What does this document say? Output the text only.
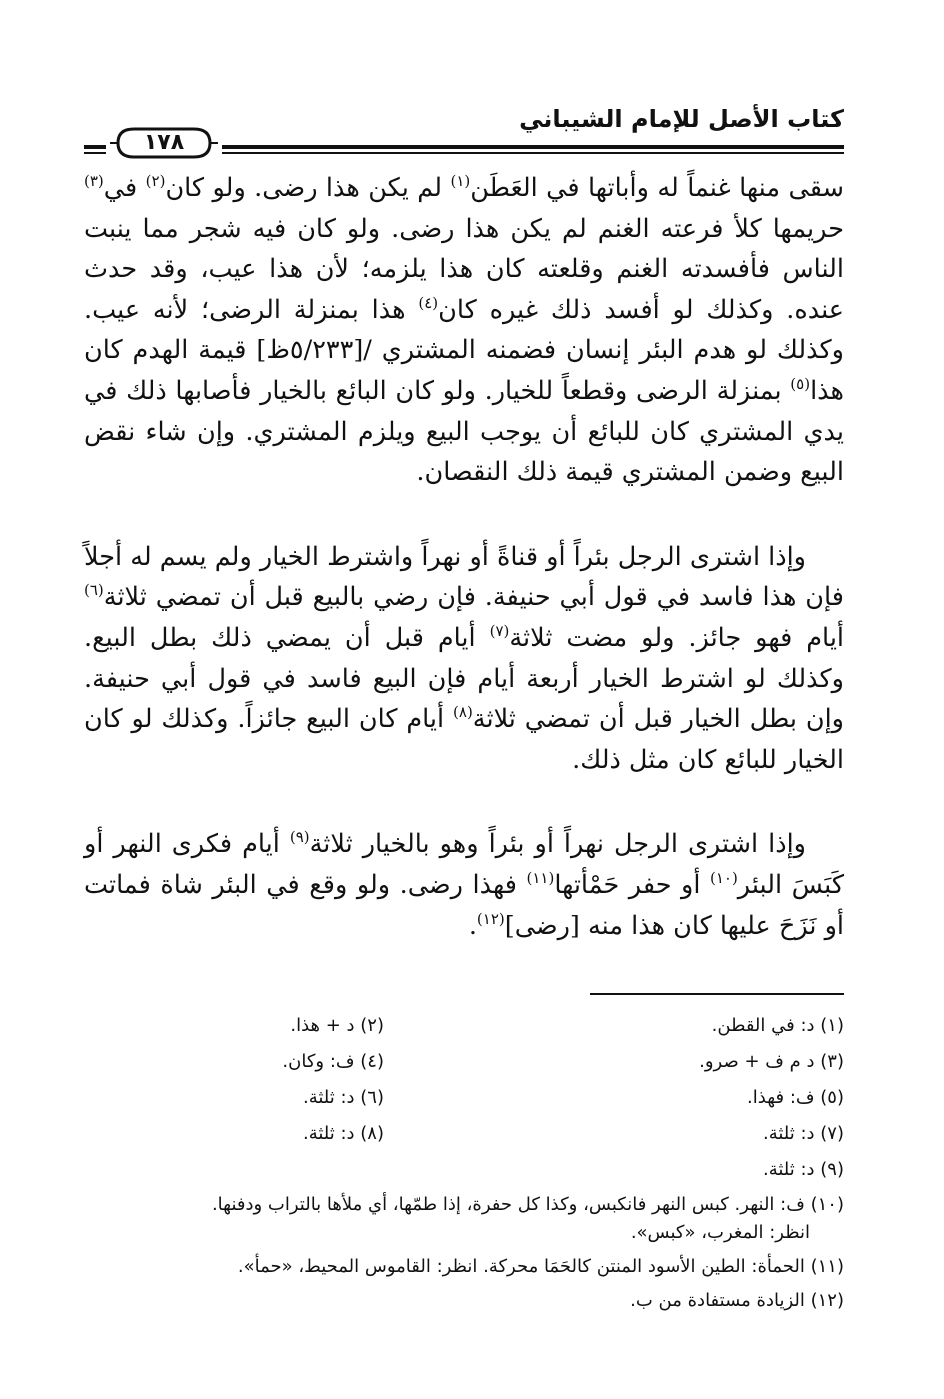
كتاب الأصل للإمام الشيباني
١٧٨

سقى منها غنماً له وأباتها في العَطَن$^{(١)}$ لم يكن هذا رضى. ولو كان$^{(٢)}$ في$^{(٣)}$ حريمها كلأ فرعته الغنم لم يكن هذا رضى. ولو كان فيه شجر مما ينبت الناس فأفسدته الغنم وقلعته كان هذا يلزمه؛ لأن هذا عيب، وقد حدث عنده. وكذلك لو أفسد ذلك غيره كان$^{(٤)}$ هذا بمنزلة الرضى؛ لأنه عيب. وكذلك لو هدم البئر إنسان فضمنه المشتري /[٥/٢٣٣ظ] قيمة الهدم كان هذا$^{(٥)}$ بمنزلة الرضى وقطعاً للخيار. ولو كان البائع بالخيار فأصابها ذلك في يدي المشتري كان للبائع أن يوجب البيع ويلزم المشتري. وإن شاء نقض البيع وضمن المشتري قيمة ذلك النقصان.

وإذا اشترى الرجل بئراً أو قناةً أو نهراً واشترط الخيار ولم يسم له أجلاً فإن هذا فاسد في قول أبي حنيفة. فإن رضي بالبيع قبل أن تمضي ثلاثة$^{(٦)}$ أيام فهو جائز. ولو مضت ثلاثة$^{(٧)}$ أيام قبل أن يمضي ذلك بطل البيع. وكذلك لو اشترط الخيار أربعة أيام فإن البيع فاسد في قول أبي حنيفة. وإن بطل الخيار قبل أن تمضي ثلاثة$^{(٨)}$ أيام كان البيع جائزاً. وكذلك لو كان الخيار للبائع كان مثل ذلك.

وإذا اشترى الرجل نهراً أو بئراً وهو بالخيار ثلاثة$^{(٩)}$ أيام فكرى النهر أو كَبَسَ البئر$^{(١٠)}$ أو حفر حَمْأتها$^{(١١)}$ فهذا رضى. ولو وقع في البئر شاة فماتت أو نَزَحَ عليها كان هذا منه [رضى]$^{(١٢)}$.

(١) د: في القطن.
(٢) د + هذا.
(٣) د م ف + صرو.
(٤) ف: وكان.
(٥) ف: فهذا.
(٦) د: ثلثة.
(٧) د: ثلثة.
(٨) د: ثلثة.
(٩) د: ثلثة.
(١٠) ف: النهر. كبس النهر فانكبس، وكذا كل حفرة، إذا طمّها، أي ملأها بالتراب ودفنها.
انظر: المغرب، «كبس».
(١١) الحمأة: الطين الأسود المنتن كالحَمَا محركة. انظر: القاموس المحيط، «حمأ».
(١٢) الزيادة مستفادة من ب.
